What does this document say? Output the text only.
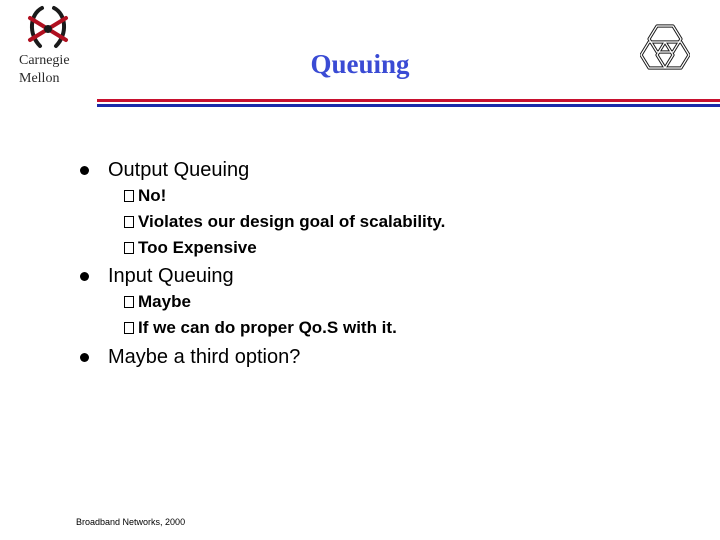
Carnegie
Mellon	Queuing
Output Queuing
No!
Violates our design goal of scalability.
Too Expensive
Input Queuing
Maybe
If we can do proper Qo.S with it.
Maybe a third option?
Broadband Networks, 2000
